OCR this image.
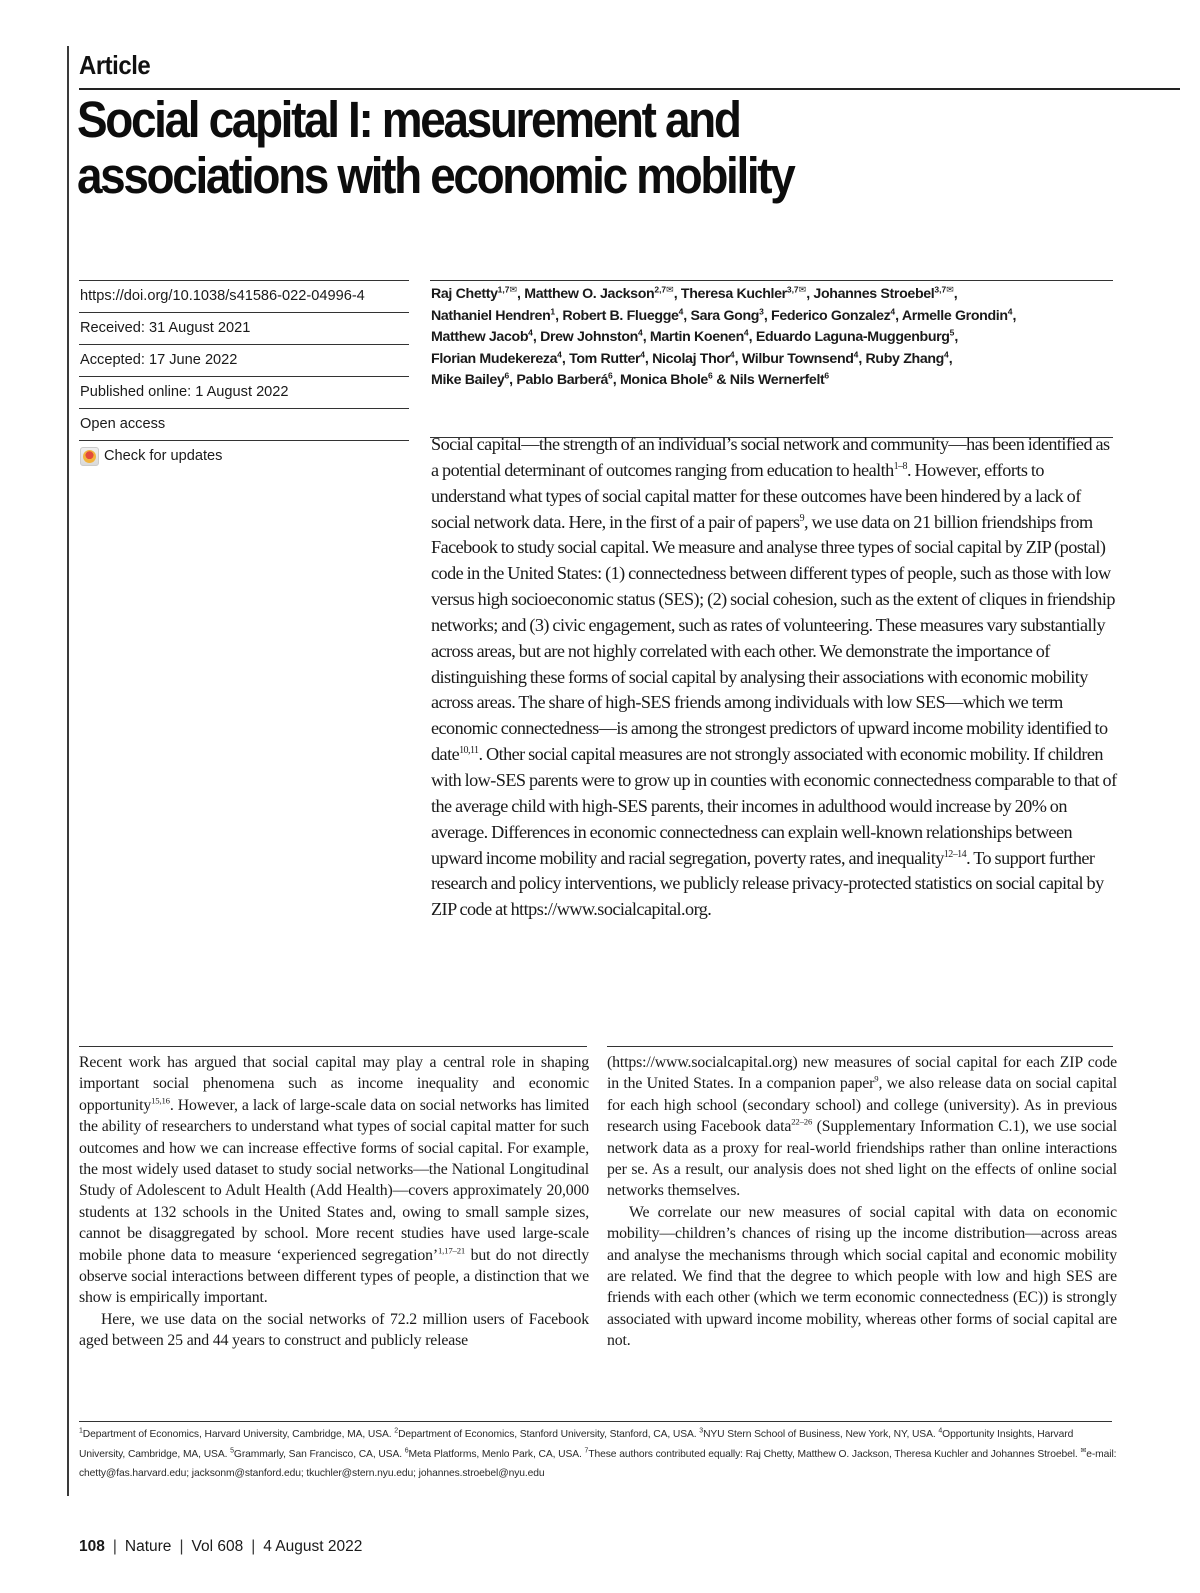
Article
Social capital I: measurement and
associations with economic mobility
https://doi.org/10.1038/s41586-022-04996-4
Received: 31 August 2021
Accepted: 17 June 2022
Published online: 1 August 2022
Open access
Check for updates
Raj Chetty$^{1,7✉}$, Matthew O. Jackson$^{2,7✉}$, Theresa Kuchler$^{3,7✉}$, Johannes Stroebel$^{3,7✉}$,
Nathaniel Hendren$^1$, Robert B. Fluegge$^4$, Sara Gong$^3$, Federico Gonzalez$^4$, Armelle Grondin$^4$,
Matthew Jacob$^4$, Drew Johnston$^4$, Martin Koenen$^4$, Eduardo Laguna-Muggenburg$^5$,
Florian Mudekereza$^4$, Tom Rutter$^4$, Nicolaj Thor$^4$, Wilbur Townsend$^4$, Ruby Zhang$^4$,
Mike Bailey$^6$, Pablo Barberá$^6$, Monica Bhole$^6$ & Nils Wernerfelt$^6$

Social capital—the strength of an individual’s social network and community—has been identified as a potential determinant of outcomes ranging from education to health$^{1-8}$. However, efforts to understand what types of social capital matter for these outcomes have been hindered by a lack of social network data. Here, in the first of a pair of papers$^9$, we use data on 21 billion friendships from Facebook to study social capital. We measure and analyse three types of social capital by ZIP (postal) code in the United States: (1) connectedness between different types of people, such as those with low versus high socioeconomic status (SES); (2) social cohesion, such as the extent of cliques in friendship networks; and (3) civic engagement, such as rates of volunteering. These measures vary substantially across areas, but are not highly correlated with each other. We demonstrate the importance of distinguishing these forms of social capital by analysing their associations with economic mobility across areas. The share of high-SES friends among individuals with low SES—which we term economic connectedness—is among the strongest predictors of upward income mobility identified to date$^{10,11}$. Other social capital measures are not strongly associated with economic mobility. If children with low-SES parents were to grow up in counties with economic connectedness comparable to that of the average child with high-SES parents, their incomes in adulthood would increase by 20% on average. Differences in economic connectedness can explain well-known relationships between upward income mobility and racial segregation, poverty rates, and inequality$^{12-14}$. To support further research and policy interventions, we publicly release privacy-protected statistics on social capital by ZIP code at https://www.socialcapital.org.

Recent work has argued that social capital may play a central role in shaping important social phenomena such as income inequality and economic opportunity$^{15,16}$. However, a lack of large-scale data on social networks has limited the ability of researchers to understand what types of social capital matter for such outcomes and how we can increase effective forms of social capital. For example, the most widely used dataset to study social networks—the National Longitudinal Study of Adolescent to Adult Health (Add Health)—covers approximately 20,000 students at 132 schools in the United States and, owing to small sample sizes, cannot be disaggregated by school. More recent studies have used large-scale mobile phone data to measure ‘experienced segregation’$^{1,17-21}$ but do not directly observe social interactions between different types of people, a distinction that we show is empirically important.

Here, we use data on the social networks of 72.2 million users of Facebook aged between 25 and 44 years to construct and publicly release

(https://www.socialcapital.org) new measures of social capital for each ZIP code in the United States. In a companion paper$^9$, we also release data on social capital for each high school (secondary school) and college (university). As in previous research using Facebook data$^{22-26}$ (Supplementary Information C.1), we use social network data as a proxy for real-world friendships rather than online interactions per se. As a result, our analysis does not shed light on the effects of online social networks themselves.

We correlate our new measures of social capital with data on economic mobility—children’s chances of rising up the income distribution—across areas and analyse the mechanisms through which social capital and economic mobility are related. We find that the degree to which people with low and high SES are friends with each other (which we term economic connectedness (EC)) is strongly associated with upward income mobility, whereas other forms of social capital are not.

$^1$Department of Economics, Harvard University, Cambridge, MA, USA. $^2$Department of Economics, Stanford University, Stanford, CA, USA. $^3$NYU Stern School of Business, New York, NY, USA. $^4$Opportunity Insights, Harvard University, Cambridge, MA, USA. $^5$Grammarly, San Francisco, CA, USA. $^6$Meta Platforms, Menlo Park, CA, USA. $^7$These authors contributed equally: Raj Chetty, Matthew O. Jackson, Theresa Kuchler and Johannes Stroebel. ✉e-mail: chetty@fas.harvard.edu; jacksonm@stanford.edu; tkuchler@stern.nyu.edu; johannes.stroebel@nyu.edu
108 | Nature | Vol 608 | 4 August 2022
